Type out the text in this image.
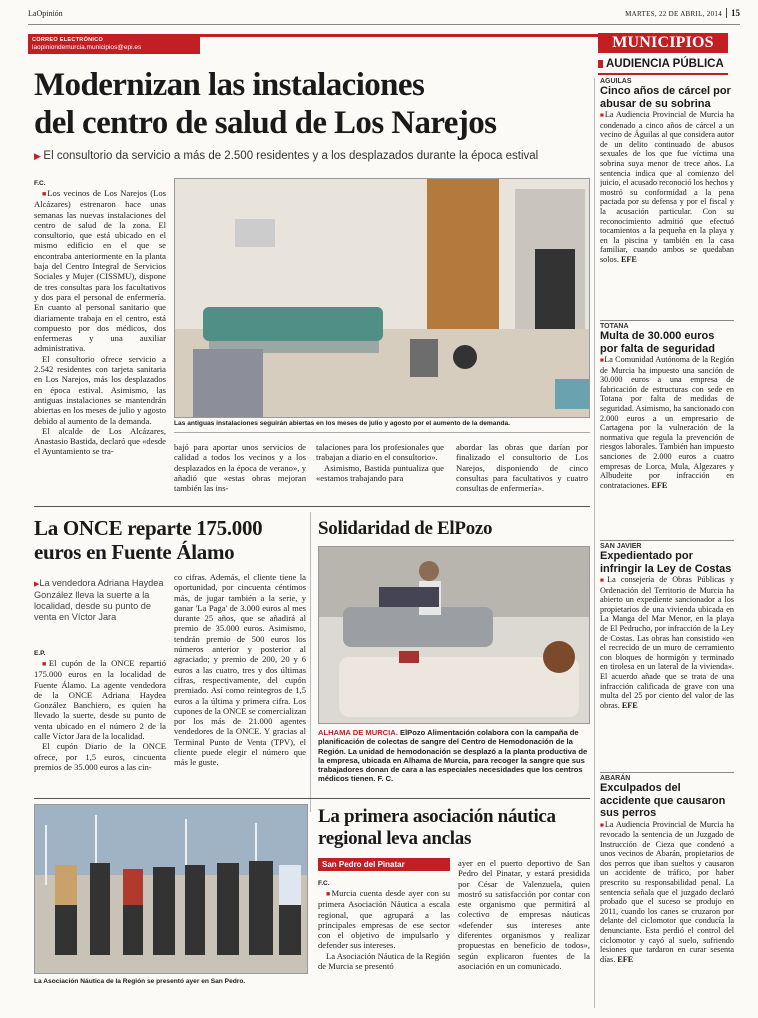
LaOpinión	MARTES, 22 DE ABRIL, 2014	15
CORREO ELECTRÓNICO
laopiniondemurcia.municipios@epi.es	MUNICIPIOS
AUDIENCIA PÚBLICA
Modernizan las instalaciones
del centro de salud de Los Narejos
▶ El consultorio da servicio a más de 2.500 residentes y a los desplazados durante la época estival
F.C.

■ Los vecinos de Los Narejos (Los Alcázares) estrenaron hace unas semanas las nuevas instalaciones del centro de salud de la zona. El consultorio, que está ubicado en el mismo edificio en el que se encontraba anteriormente en la planta baja del Centro Integral de Servicios Sociales y Mujer (CISSMU), dispone de tres consultas para los facultativos y dos para el personal de enfermería. En cuanto al personal sanitario que diariamente trabaja en el centro, está compuesto por dos médicos, dos enfermeras y una auxiliar administrativa.

El consultorio ofrece servicio a 2.542 residentes con tarjeta sanitaria en Los Narejos, más los desplazados en época estival. Asimismo, las antiguas instalaciones se mantendrán abiertas en los meses de julio y agosto debido al aumento de la demanda.

El alcalde de Los Alcázares, Anastasio Bastida, declaró que «desde el Ayuntamiento se tra-

Las antiguas instalaciones seguirán abiertas en los meses de julio y agosto por el aumento de la demanda.
bajó para aportar unos servicios de calidad a todos los vecinos y a los desplazados en la época de verano», y añadió que «estas obras mejoran también las ins-

talaciones para los profesionales que trabajan a diario en el consultorio».

Asimismo, Bastida puntualiza que «estamos trabajando para

abordar las obras que darían por finalizado el consultorio de Los Narejos, disponiendo de cinco consultas para facultativos y cuatro consultas de enfermería».
La ONCE reparte 175.000 euros en Fuente Álamo
▶ La vendedora Adriana Haydea González lleva la suerte a la localidad, desde su punto de venta en Víctor Jara
E.P.

■ El cupón de la ONCE repartió 175.000 euros en la localidad de Fuente Álamo. La agente vendedora de la ONCE Adriana Haydea González Banchiero, es quien ha llevado la suerte, desde su punto de venta ubicado en el número 2 de la calle Víctor Jara de la localidad.

El cupón Diario de la ONCE ofrece, por 1,5 euros, cincuenta premios de 35.000 euros a las cin-

co cifras. Además, el cliente tiene la oportunidad, por cincuenta céntimos más, de jugar también a la serie, y ganar 'La Paga' de 3.000 euros al mes durante 25 años, que se añadirá al premio de 35.000 euros. Asimismo, tendrán premio de 500 euros los números anterior y posterior al agraciado; y premio de 200, 20 y 6 euros a las cuatro, tres y dos últimas cifras, respectivamente, del cupón premiado. Así como reintegros de 1,5 euros a la última y primera cifra. Los cupones de la ONCE se comercializan por los más de 21.000 agentes vendedores de la ONCE. Y gracias al Terminal Punto de Venta (TPV), el cliente puede elegir el número que más le guste.
Solidaridad de ElPozo
ALHAMA DE MURCIA. ElPozo Alimentación colabora con la campaña de planificación de colectas de sangre del Centro de Hemodonación de la Región. La unidad de hemodonación se desplazó a la planta productiva de la empresa, ubicada en Alhama de Murcia, para recoger la sangre que sus trabajadores donan de cara a las especiales necesidades que los centros médicos tienen. F. C.
La Asociación Náutica de la Región se presentó ayer en San Pedro.
La primera asociación náutica regional leva anclas
San Pedro del Pinatar
F.C.

■ Murcia cuenta desde ayer con su primera Asociación Náutica a escala regional, que agrupará a las principales empresas de ese sector con el objetivo de impulsarlo y defender sus intereses.

La Asociación Náutica de la Región de Murcia se presentó

ayer en el puerto deportivo de San Pedro del Pinatar, y estará presidida por César de Valenzuela, quien mostró su satisfacción por contar con este organismo que permitirá al colectivo de empresas náuticas «defender sus intereses ante diferentes organismos y realizar propuestas en beneficio de todos», según explicaron fuentes de la asociación en un comunicado.
ÁGUILAS
Cinco años de cárcel por abusar de su sobrina
■ La Audiencia Provincial de Murcia ha condenado a cinco años de cárcel a un vecino de Águilas al que considera autor de un delito continuado de abusos sexuales de los que fue víctima una sobrina suya menor de trece años. La sentencia indica que al comienzo del juicio, el acusado reconoció los hechos y mostró su conformidad a la pena pactada por su defensa y por el fiscal y la acusación particular. Con su reconocimiento admitió que efectuó tocamientos a la pequeña en la playa y en la piscina y también en la casa familiar, cuando ambos se quedaban solos. EFE
TOTANA
Multa de 30.000 euros por falta de seguridad
■ La Comunidad Autónoma de la Región de Murcia ha impuesto una sanción de 30.000 euros a una empresa de fabricación de estructuras con sede en Totana por falta de medidas de seguridad. Asimismo, ha sancionado con 2.000 euros a un empresario de Cartagena por la vulneración de la normativa que regula la prevención de riesgos laborales. También han impuesto sanciones de 2.000 euros a cuatro empresas de Lorca, Mula, Algezares y Albudeite por infracción en contrataciones. EFE
SAN JAVIER
Expedientado por infringir la Ley de Costas
■ La consejería de Obras Públicas y Ordenación del Territorio de Murcia ha abierto un expediente sancionador a los propietarios de una vivienda ubicada en La Manga del Mar Menor, en la playa de El Pedrucho, por infracción de la Ley de Costas. Las obras han consistido «en el recrecido de un muro de cerramiento con bloques de hormigón y terminado en tirolesa en un lateral de la vivienda». El acuerdo añade que se trata de una infracción calificada de grave con una multa del 25 por ciento del valor de las obras. EFE
ABARÁN
Exculpados del accidente que causaron sus perros
■ La Audiencia Provincial de Murcia ha revocado la sentencia de un Juzgado de Instrucción de Cieza que condenó a unos vecinos de Abarán, propietarios de dos perros que iban sueltos y causaron un accidente de tráfico, por haber prescrito su responsabilidad penal. La sentencia señala que el juzgado declaró probado que el suceso se produjo en 2011, cuando los canes se cruzaron por delante del ciclomotor que conducía la denunciante. Esta perdió el control del ciclomotor y cayó al suelo, sufriendo lesiones que tardaron en curar sesenta días. EFE
